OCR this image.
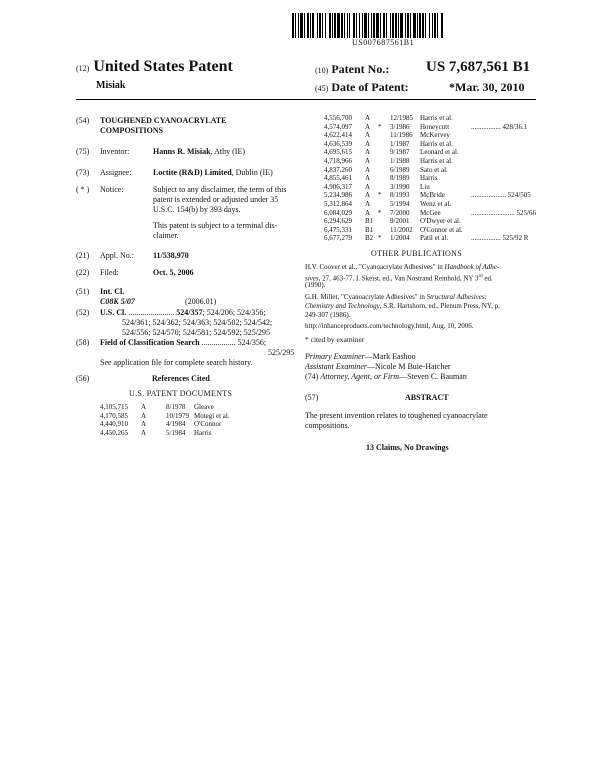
US007687561B1
(12) United States Patent
Misiak
(10) Patent No.: US 7,687,561 B1
(45) Date of Patent:	*Mar. 30, 2010
(54) TOUGHENED CYANOACRYLATE
COMPOSITIONS
(75) Inventor:	Hanns R. Misiak, Athy (IE)
(73) Assignee:	Loctite (R&D) Limited, Dublin (IE)
( * ) Notice:	Subject to any disclaimer, the term of this
patent is extended or adjusted under 35
U.S.C. 154(b) by 393 days.
This patent is subject to a terminal dis-
claimer.
(21) Appl. No.: 11/538,970
(22) Filed:	Oct. 5, 2006
(51) Int. Cl.
C08K 5/07	(2006.01)
(52) U.S. Cl. ....................... 524/357; 524/206; 524/356;
524/361; 524/362; 524/363; 524/502; 524/542;
524/556; 524/570; 524/581; 524/592; 525/295
(58) Field of Classification Search ................. 524/356;
525/295
See application file for complete search history.
(56)	References Cited
U.S. PATENT DOCUMENTS
4,105,715 A	8/1978 Gleave
4,170,585 A	10/1979 Motegi et al.
4,440,910 A	4/1984 O'Connor
4,450,265 A	5/1984 Harris
4,556,700 A	12/1985 Harris et al.
4,574,097 A * 3/1986 Honeycutt	................. 428/36.1
4,622,414 A	11/1986 McKervey
4,636,539 A	1/1987 Harris et al.
4,695,615 A	9/1987 Leonard et al.
4,718,966 A	1/1988 Harris et al.
4,837,260 A	6/1989 Sato et al.
4,855,461 A	8/1989 Harris
4,906,317 A	3/1990 Liu
5,234,986 A * 8/1993 McBride	.................... 524/505
5,312,864 A	5/1994 Wenz et al.
6,084,029 A * 7/2000 McGee	......................... 525/66
6,294,629 B1 9/2001 O'Dwyer et al.
6,475,331 B1 11/2002 O'Connor et al.
6,677,279 B2 * 1/2004 Patil et al.	................. 525/92 R
OTHER PUBLICATIONS
H.V. Coover et al., "Cyanoacrylate Adhesives" in Handbook of Adhe-
sives, 27, 463-77, I. Skeist, ed., Van Nostrand Reinhold, NY 3rd ed.
(1990).
G.H. Millet, "Cyanoacrylate Adhesives" in Structural Adhesives:
Chemistry and Technology, S.R. Hartshorn, ed., Plenum Press, NY, p.
249-307 (1986).
http://inhanceproducts.com/technology.html, Aug. 10, 2006.
* cited by examiner
Primary Examiner—Mark Eashoo
Assistant Examiner—Nicole M Buie-Hatcher
(74) Attorney, Agent, or Firm—Steven C. Bauman
(57)	ABSTRACT
The present invention relates to toughened cyanoacrylate
compositions.
13 Claims, No Drawings
